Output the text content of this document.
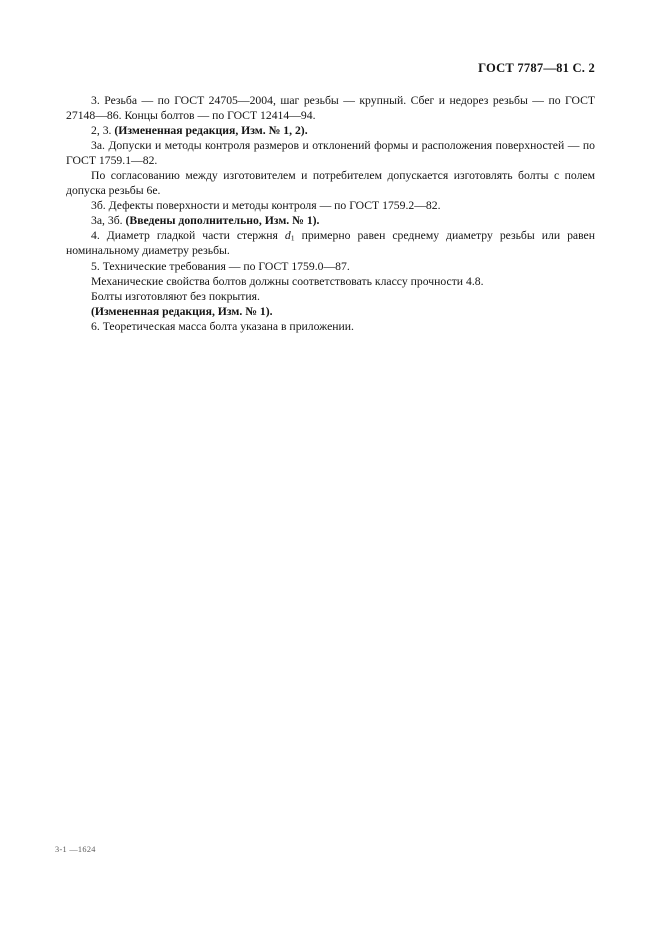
ГОСТ 7787—81 С. 2

3. Резьба — по ГОСТ 24705—2004, шаг резьбы — крупный. Сбег и недорез резьбы — по ГОСТ 27148—86. Концы болтов — по ГОСТ 12414—94.

2, 3. (Измененная редакция, Изм. № 1, 2).

3а. Допуски и методы контроля размеров и отклонений формы и расположения поверхностей — по ГОСТ 1759.1—82.

По согласованию между изготовителем и потребителем допускается изготовлять болты с полем допуска резьбы 6е.

3б. Дефекты поверхности и методы контроля — по ГОСТ 1759.2—82.

3а, 3б. (Введены дополнительно, Изм. № 1).

4. Диаметр гладкой части стержня $d_1$ примерно равен среднему диаметру резьбы или равен номинальному диаметру резьбы.

5. Технические требования — по ГОСТ 1759.0—87.

Механические свойства болтов должны соответствовать классу прочности 4.8.

Болты изготовляют без покрытия.

(Измененная редакция, Изм. № 1).

6. Теоретическая масса болта указана в приложении.

3-1 —1624
